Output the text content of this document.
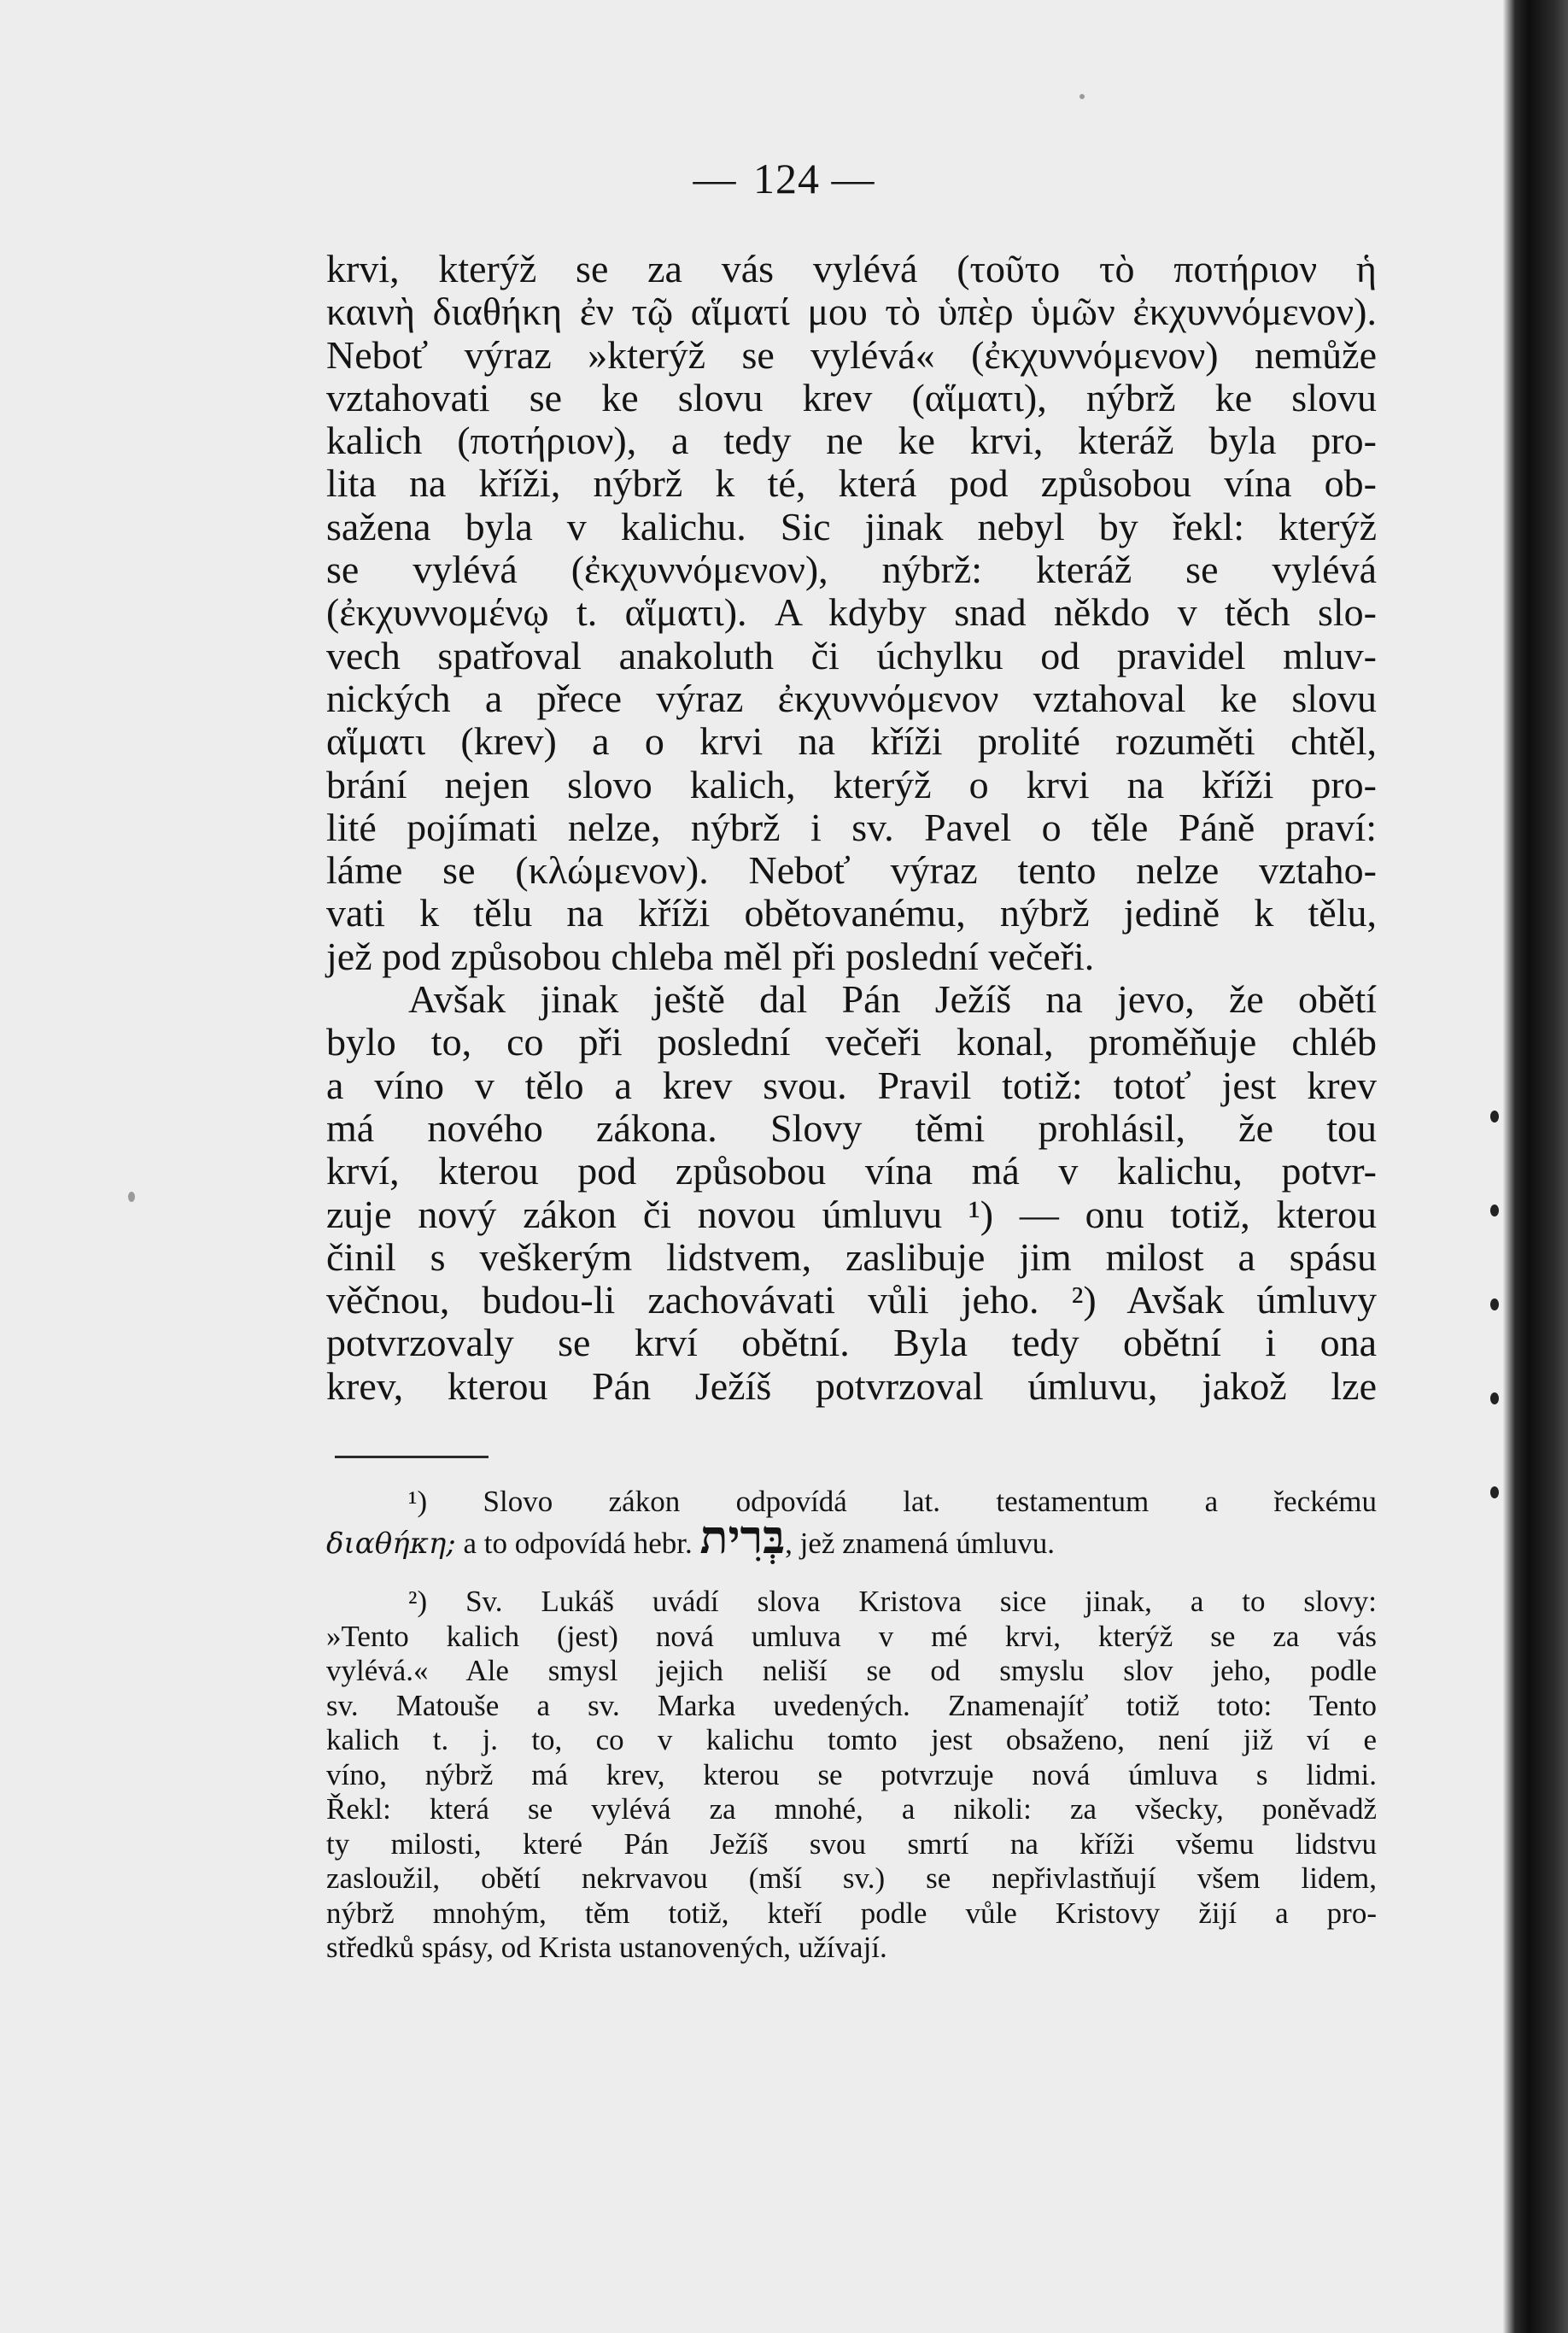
— 124 —
krvi, kterýž se za vás vylévá (τοῦτο τὸ ποτήριον ἡ
καινὴ διαθήκη ἐν τῷ αἵματί μου τὸ ὑπὲρ ὑμῶν ἐκχυννόμενον).
Neboť výraz »kterýž se vylévá« (ἐκχυννόμενον) nemůže
vztahovati se ke slovu krev (αἵματι), nýbrž ke slovu
kalich (ποτήριον), a tedy ne ke krvi, kteráž byla pro-
lita na kříži, nýbrž k té, která pod způsobou vína ob-
sažena byla v kalichu. Sic jinak nebyl by řekl: kterýž
se vylévá (ἐκχυννόμενον), nýbrž: kteráž se vylévá
(ἐκχυννομένῳ t. αἵματι). A kdyby snad někdo v těch slo-
vech spatřoval anakoluth či úchylku od pravidel mluv-
nických a přece výraz ἐκχυννόμενον vztahoval ke slovu
αἵματι (krev) a o krvi na kříži prolité rozuměti chtěl,
brání nejen slovo kalich, kterýž o krvi na kříži pro-
lité pojímati nelze, nýbrž i sv. Pavel o těle Páně praví:
láme se (κλώμενον). Neboť výraz tento nelze vztaho-
vati k tělu na kříži obětovanému, nýbrž jedině k tělu,
jež pod způsobou chleba měl při poslední večeři.
Avšak jinak ještě dal Pán Ježíš na jevo, že obětí
bylo to, co při poslední večeři konal, proměňuje chléb
a víno v tělo a krev svou. Pravil totiž: totoť jest krev
má nového zákona. Slovy těmi prohlásil, že tou
krví, kterou pod způsobou vína má v kalichu, potvr-
zuje nový zákon či novou úmluvu ¹) — onu totiž, kterou
činil s veškerým lidstvem, zaslibuje jim milost a spásu
věčnou, budou-li zachovávati vůli jeho. ²) Avšak úmluvy
potvrzovaly se krví obětní. Byla tedy obětní i ona
krev, kterou Pán Ježíš potvrzoval úmluvu, jakož lze
¹) Slovo zákon odpovídá lat. testamentum a řeckému
διαθήκη; a to odpovídá hebr. בְּרִית, jež znamená úmluvu.
²) Sv. Lukáš uvádí slova Kristova sice jinak, a to slovy:
»Tento kalich (jest) nová umluva v mé krvi, kterýž se za vás
vylévá.« Ale smysl jejich neliší se od smyslu slov jeho, podle
sv. Matouše a sv. Marka uvedených. Znamenajíť totiž toto: Tento
kalich t. j. to, co v kalichu tomto jest obsaženo, není již ví e
víno, nýbrž má krev, kterou se potvrzuje nová úmluva s lidmi.
Řekl: která se vylévá za mnohé, a nikoli: za všecky, poněvadž
ty milosti, které Pán Ježíš svou smrtí na kříži všemu lidstvu
zasloužil, obětí nekrvavou (mší sv.) se nepřivlastňují všem lidem,
nýbrž mnohým, těm totiž, kteří podle vůle Kristovy žijí a pro-
středků spásy, od Krista ustanovených, užívají.
